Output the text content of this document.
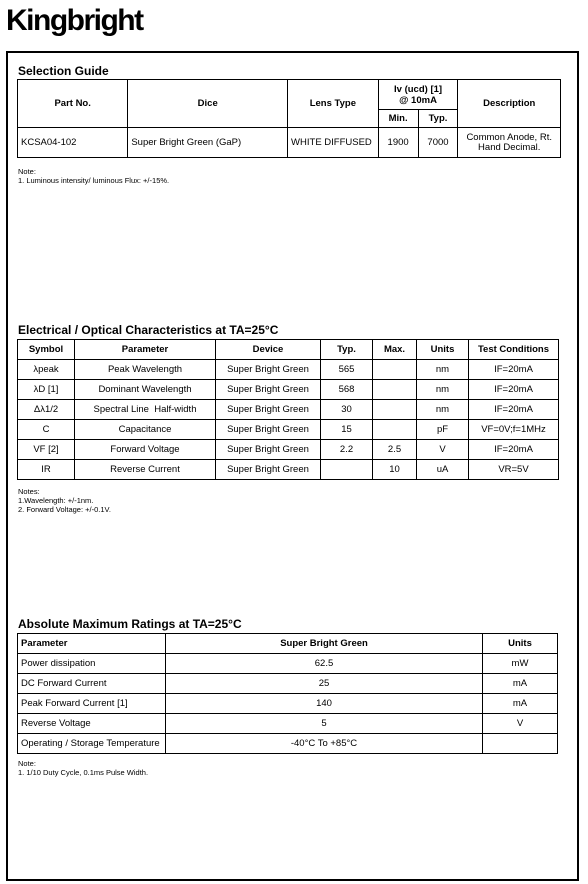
Kingbright
Selection Guide
Part No.	Dice	Lens Type	Iv (ucd) [1]
@ 10mA		Description
			Min.	Typ.	
KCSA04-102	Super Bright Green (GaP)	WHITE DIFFUSED	1900	7000	Common Anode, Rt.
Hand Decimal.
Note:
1. Luminous intensity/ luminous Flux: +/-15%.
Electrical / Optical Characteristics at TA=25°C
Symbol	Parameter	Device	Typ.	Max.	Units	Test Conditions
λpeak	Peak Wavelength	Super Bright Green	565		nm	IF=20mA
λD [1]	Dominant Wavelength	Super Bright Green	568		nm	IF=20mA
Δλ1/2	Spectral Line  Half-width	Super Bright Green	30		nm	IF=20mA
C	Capacitance	Super Bright Green	15		pF	VF=0V;f=1MHz
VF [2]	Forward Voltage	Super Bright Green	2.2	2.5	V	IF=20mA
IR	Reverse Current	Super Bright Green		10	uA	VR=5V
Notes:
1.Wavelength: +/-1nm.
2. Forward Voltage: +/-0.1V.
Absolute Maximum Ratings at TA=25°C
Parameter	Super Bright Green	Units
Power dissipation	62.5	mW
DC Forward Current	25	mA
Peak Forward Current [1]	140	mA
Reverse Voltage	5	V
Operating / Storage Temperature	-40°C To +85°C	
Note:
1. 1/10 Duty Cycle, 0.1ms Pulse Width.
